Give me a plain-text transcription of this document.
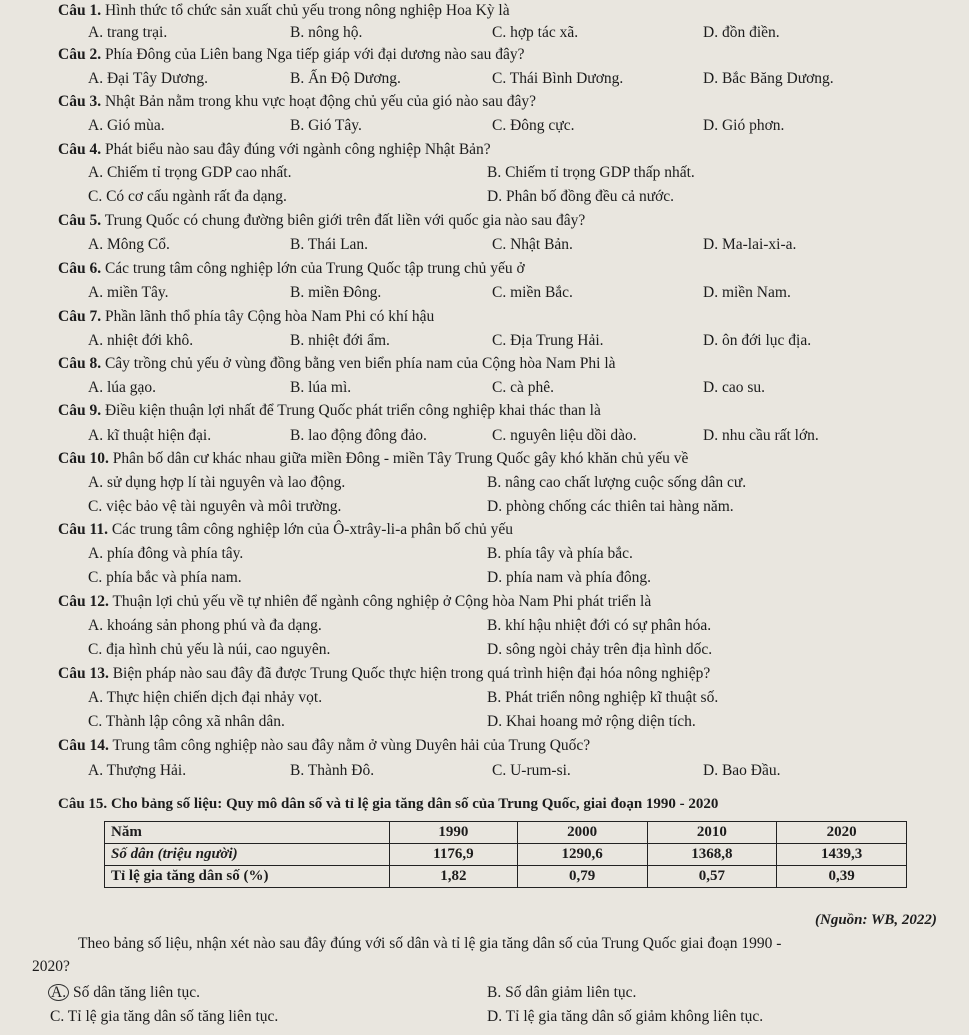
Câu 1. Hình thức tổ chức sản xuất chủ yếu trong nông nghiệp Hoa Kỳ là
A. trang trại.	B. nông hộ.	C. hợp tác xã.	D. đồn điền.
Câu 2. Phía Đông của Liên bang Nga tiếp giáp với đại dương nào sau đây?
A. Đại Tây Dương.	B. Ấn Độ Dương.	C. Thái Bình Dương.	D. Bắc Băng Dương.
Câu 3. Nhật Bản nằm trong khu vực hoạt động chủ yếu của gió nào sau đây?
A. Gió mùa.	B. Gió Tây.	C. Đông cực.	D. Gió phơn.
Câu 4. Phát biểu nào sau đây đúng với ngành công nghiệp Nhật Bản?
A. Chiếm tỉ trọng GDP cao nhất.	B. Chiếm tỉ trọng GDP thấp nhất.
C. Có cơ cấu ngành rất đa dạng.	D. Phân bố đồng đều cả nước.
Câu 5. Trung Quốc có chung đường biên giới trên đất liền với quốc gia nào sau đây?
A. Mông Cổ.	B. Thái Lan.	C. Nhật Bản.	D. Ma-lai-xi-a.
Câu 6. Các trung tâm công nghiệp lớn của Trung Quốc tập trung chủ yếu ở
A. miền Tây.	B. miền Đông.	C. miền Bắc.	D. miền Nam.
Câu 7. Phần lãnh thổ phía tây Cộng hòa Nam Phi có khí hậu
A. nhiệt đới khô.	B. nhiệt đới ẩm.	C. Địa Trung Hải.	D. ôn đới lục địa.
Câu 8. Cây trồng chủ yếu ở vùng đồng bằng ven biển phía nam của Cộng hòa Nam Phi là
A. lúa gạo.	B. lúa mì.	C. cà phê.	D. cao su.
Câu 9. Điều kiện thuận lợi nhất để Trung Quốc phát triển công nghiệp khai thác than là
A. kĩ thuật hiện đại.	B. lao động đông đảo.	C. nguyên liệu dồi dào.	D. nhu cầu rất lớn.
Câu 10. Phân bố dân cư khác nhau giữa miền Đông - miền Tây Trung Quốc gây khó khăn chủ yếu về
A. sử dụng hợp lí tài nguyên và lao động.	B. nâng cao chất lượng cuộc sống dân cư.
C. việc bảo vệ tài nguyên và môi trường.	D. phòng chống các thiên tai hàng năm.
Câu 11. Các trung tâm công nghiệp lớn của Ô-xtrây-li-a phân bố chủ yếu
A. phía đông và phía tây.	B. phía tây và phía bắc.
C. phía bắc và phía nam.	D. phía nam và phía đông.
Câu 12. Thuận lợi chủ yếu về tự nhiên để ngành công nghiệp ở Cộng hòa Nam Phi phát triển là
A. khoáng sản phong phú và đa dạng.	B. khí hậu nhiệt đới có sự phân hóa.
C. địa hình chủ yếu là núi, cao nguyên.	D. sông ngòi chảy trên địa hình dốc.
Câu 13. Biện pháp nào sau đây đã được Trung Quốc thực hiện trong quá trình hiện đại hóa nông nghiệp?
A. Thực hiện chiến dịch đại nhảy vọt.	B. Phát triển nông nghiệp kĩ thuật số.
C. Thành lập công xã nhân dân.	D. Khai hoang mở rộng diện tích.
Câu 14. Trung tâm công nghiệp nào sau đây nằm ở vùng Duyên hải của Trung Quốc?
A. Thượng Hải.	B. Thành Đô.	C. U-rum-si.	D. Bao Đầu.
Câu 15. Cho bảng số liệu: Quy mô dân số và tỉ lệ gia tăng dân số của Trung Quốc, giai đoạn 1990 - 2020
Năm	1990	2000	2010	2020
Số dân (triệu người)	1176,9	1290,6	1368,8	1439,3
Tỉ lệ gia tăng dân số (%)	1,82	0,79	0,57	0,39
(Nguồn: WB, 2022)
Theo bảng số liệu, nhận xét nào sau đây đúng với số dân và tỉ lệ gia tăng dân số của Trung Quốc giai đoạn 1990 -
2020?
A. Số dân tăng liên tục.	B. Số dân giảm liên tục.
C. Tỉ lệ gia tăng dân số tăng liên tục.	D. Tỉ lệ gia tăng dân số giảm không liên tục.
